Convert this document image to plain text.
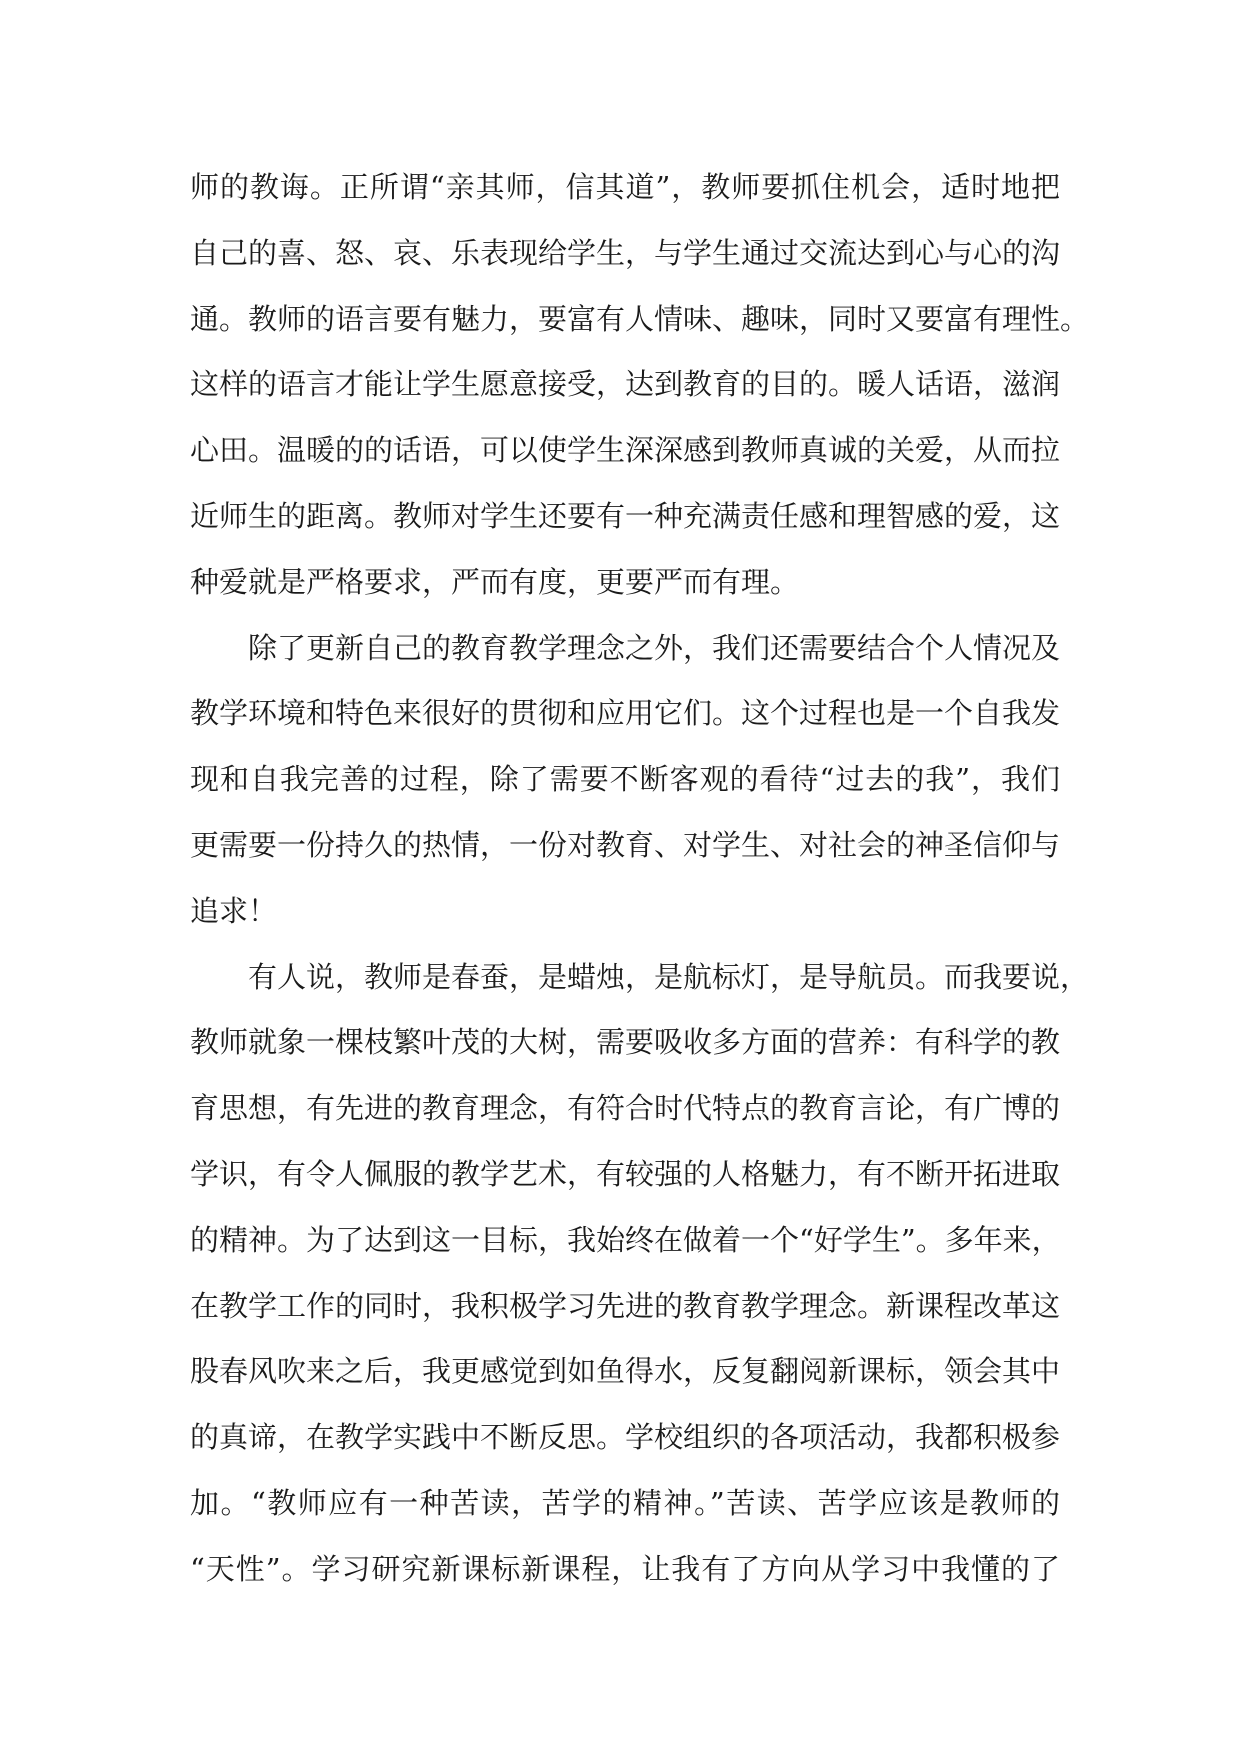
师的教诲。正所谓“亲其师，信其道”，教师要抓住机会，适时地把
自己的喜、怒、哀、乐表现给学生，与学生通过交流达到心与心的沟
通。教师的语言要有魅力，要富有人情味、趣味，同时又要富有理性。
这样的语言才能让学生愿意接受，达到教育的目的。暖人话语，滋润
心田。温暖的的话语，可以使学生深深感到教师真诚的关爱，从而拉
近师生的距离。教师对学生还要有一种充满责任感和理智感的爱，这
种爱就是严格要求，严而有度，更要严而有理。
除了更新自己的教育教学理念之外，我们还需要结合个人情况及
教学环境和特色来很好的贯彻和应用它们。这个过程也是一个自我发
现和自我完善的过程，除了需要不断客观的看待“过去的我”，我们
更需要一份持久的热情，一份对教育、对学生、对社会的神圣信仰与
追求！
有人说，教师是春蚕，是蜡烛，是航标灯，是导航员。而我要说，
教师就象一棵枝繁叶茂的大树，需要吸收多方面的营养：有科学的教
育思想，有先进的教育理念，有符合时代特点的教育言论，有广博的
学识，有令人佩服的教学艺术，有较强的人格魅力，有不断开拓进取
的精神。为了达到这一目标，我始终在做着一个“好学生”。多年来，
在教学工作的同时，我积极学习先进的教育教学理念。新课程改革这
股春风吹来之后，我更感觉到如鱼得水，反复翻阅新课标，领会其中
的真谛，在教学实践中不断反思。学校组织的各项活动，我都积极参
加。“教师应有一种苦读，苦学的精神。”苦读、苦学应该是教师的
“天性”。学习研究新课标新课程，让我有了方向从学习中我懂的了
